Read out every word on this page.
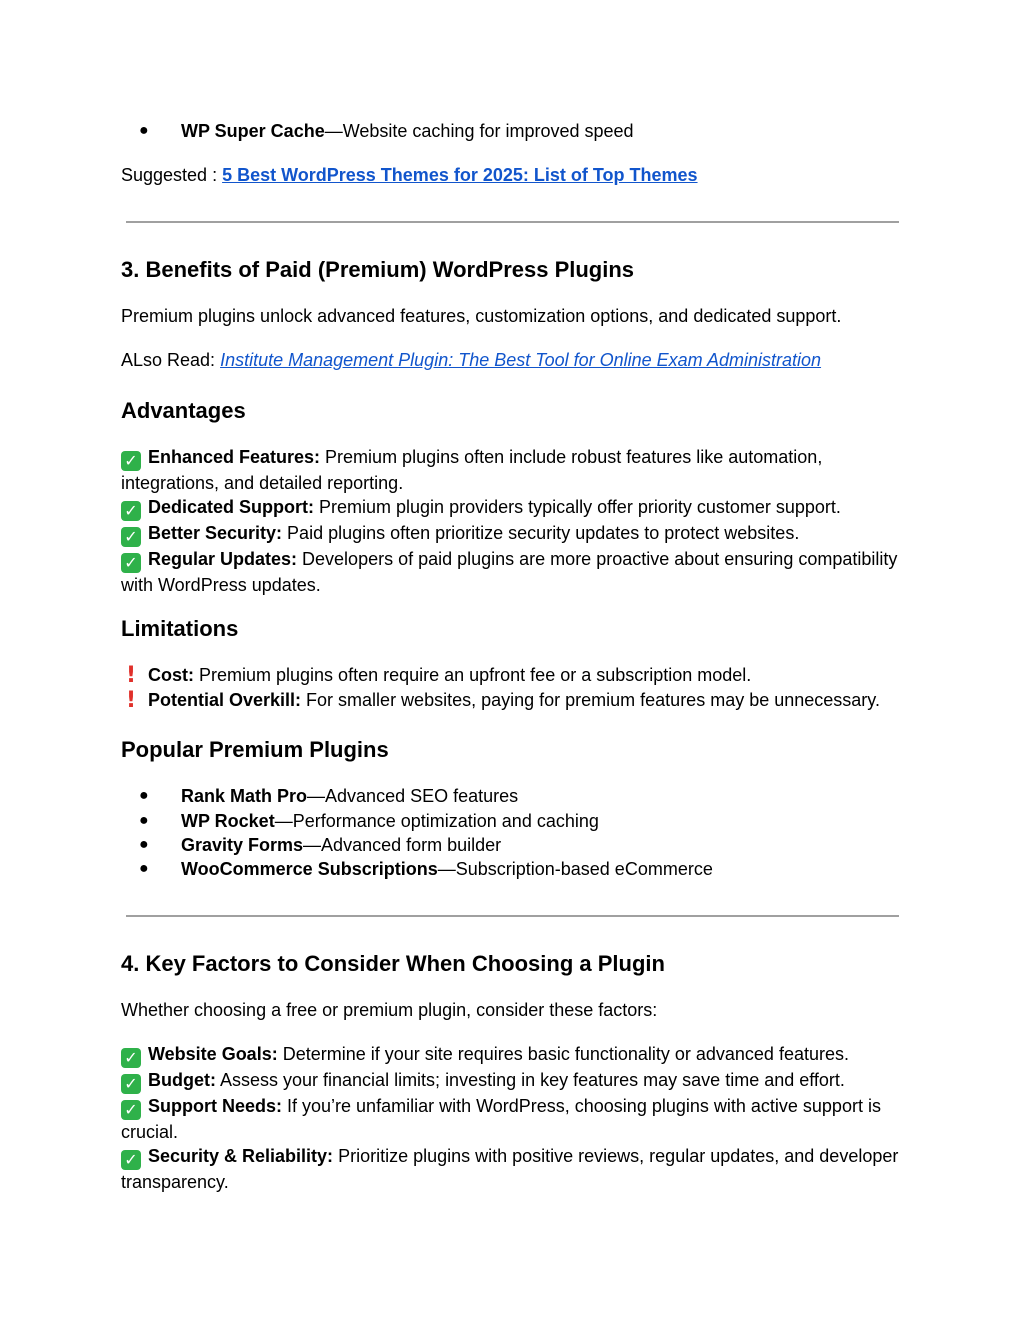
● WP Super Cache—Website caching for improved speed
Suggested : 5 Best WordPress Themes for 2025: List of Top Themes
3. Benefits of Paid (Premium) WordPress Plugins
Premium plugins unlock advanced features, customization options, and dedicated support.
ALso Read: Institute Management Plugin: The Best Tool for Online Exam Administration
Advantages
✓ Enhanced Features: Premium plugins often include robust features like automation, integrations, and detailed reporting.
✓ Dedicated Support: Premium plugin providers typically offer priority customer support.
✓ Better Security: Paid plugins often prioritize security updates to protect websites.
✓ Regular Updates: Developers of paid plugins are more proactive about ensuring compatibility with WordPress updates.
Limitations
! Cost: Premium plugins often require an upfront fee or a subscription model.
! Potential Overkill: For smaller websites, paying for premium features may be unnecessary.
Popular Premium Plugins
● Rank Math Pro—Advanced SEO features
● WP Rocket—Performance optimization and caching
● Gravity Forms—Advanced form builder
● WooCommerce Subscriptions—Subscription-based eCommerce
4. Key Factors to Consider When Choosing a Plugin
Whether choosing a free or premium plugin, consider these factors:
✓ Website Goals: Determine if your site requires basic functionality or advanced features.
✓ Budget: Assess your financial limits; investing in key features may save time and effort.
✓ Support Needs: If you’re unfamiliar with WordPress, choosing plugins with active support is crucial.
✓ Security & Reliability: Prioritize plugins with positive reviews, regular updates, and developer transparency.
